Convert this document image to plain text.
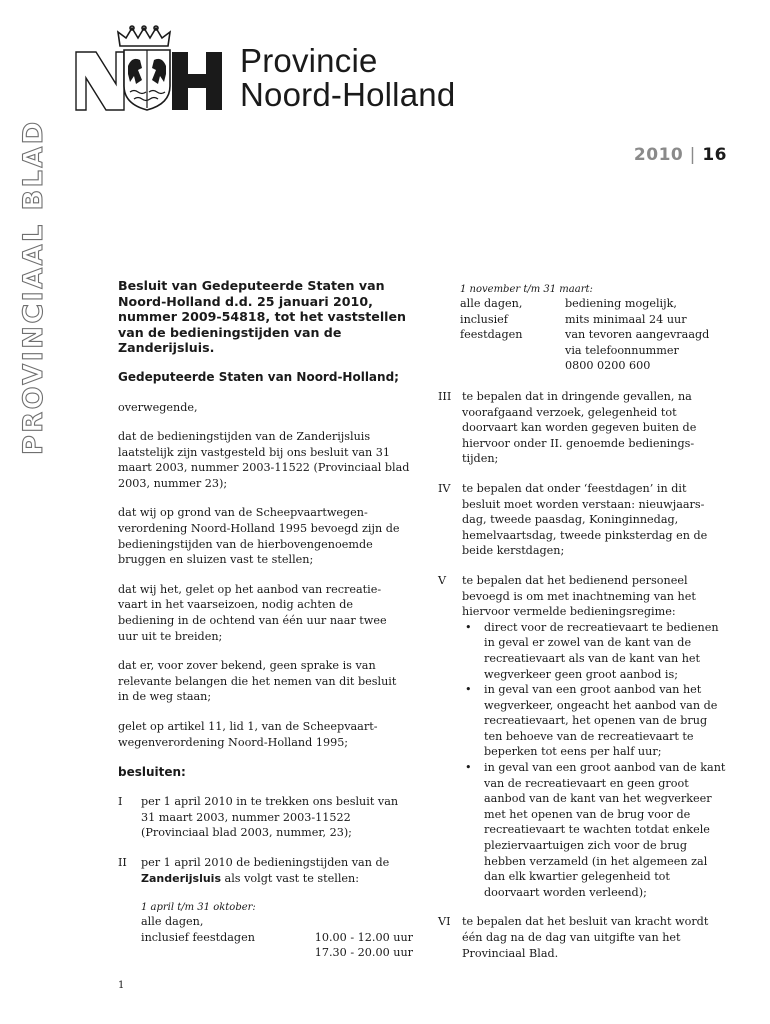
Provincie
Noord-Holland
PROVINCIAAL BLAD	2010 | 16
Besluit van Gedeputeerde Staten van
Noord-Holland d.d. 25 januari 2010,
nummer 2009-54818, tot het vaststellen
van de bedieningstijden van de
Zanderijsluis.
Gedeputeerde Staten van Noord-Holland;
overwegende,
dat de bedieningstijden van de Zanderijsluis
laatstelijk zijn vastgesteld bij ons besluit van 31
maart 2003, nummer 2003-11522 (Provinciaal blad
2003, nummer 23);
dat wij op grond van de Scheepvaartwegen-
verordening Noord-Holland 1995 bevoegd zijn de
bedieningstijden van de hierbovengenoemde
bruggen en sluizen vast te stellen;
dat wij het, gelet op het aanbod van recreatie-
vaart in het vaarseizoen, nodig achten de
bediening in de ochtend van één uur naar twee
uur uit te breiden;
dat er, voor zover bekend, geen sprake is van
relevante belangen die het nemen van dit besluit
in de weg staan;
gelet op artikel 11, lid 1, van de Scheepvaart-
wegenverordening Noord-Holland 1995;
besluiten:
I per 1 april 2010 in te trekken ons besluit van
31 maart 2003, nummer 2003-11522
(Provinciaal blad 2003, nummer, 23);
II per 1 april 2010 de bedieningstijden van de
Zanderijsluis als volgt vast te stellen:
1 april t/m 31 oktober:
alle dagen,
inclusief feestdagen	10.00 - 12.00 uur
17.30 - 20.00 uur
1 november t/m 31 maart:
alle dagen,
inclusief
feestdagen
bediening mogelijk,
mits minimaal 24 uur
van tevoren aangevraagd
via telefoonnummer
0800 0200 600
III te bepalen dat in dringende gevallen, na
voorafgaand verzoek, gelegenheid tot
doorvaart kan worden gegeven buiten de
hiervoor onder II. genoemde bedienings-
tijden;
IV te bepalen dat onder ‘feestdagen’ in dit
besluit moet worden verstaan: nieuwjaars-
dag, tweede paasdag, Koninginnedag,
hemelvaartsdag, tweede pinksterdag en de
beide kerstdagen;
V te bepalen dat het bedienend personeel
bevoegd is om met inachtneming van het
hiervoor vermelde bedieningsregime:
• direct voor de recreatievaart te bedienen
in geval er zowel van de kant van de
recreatievaart als van de kant van het
wegverkeer geen groot aanbod is;
• in geval van een groot aanbod van het
wegverkeer, ongeacht het aanbod van de
recreatievaart, het openen van de brug
ten behoeve van de recreatievaart te
beperken tot eens per half uur;
• in geval van een groot aanbod van de kant
van de recreatievaart en geen groot
aanbod van de kant van het wegverkeer
met het openen van de brug voor de
recreatievaart te wachten totdat enkele
pleziervaartuigen zich voor de brug
hebben verzameld (in het algemeen zal
dan elk kwartier gelegenheid tot
doorvaart worden verleend);
VI te bepalen dat het besluit van kracht wordt
één dag na de dag van uitgifte van het
Provinciaal Blad.
1
